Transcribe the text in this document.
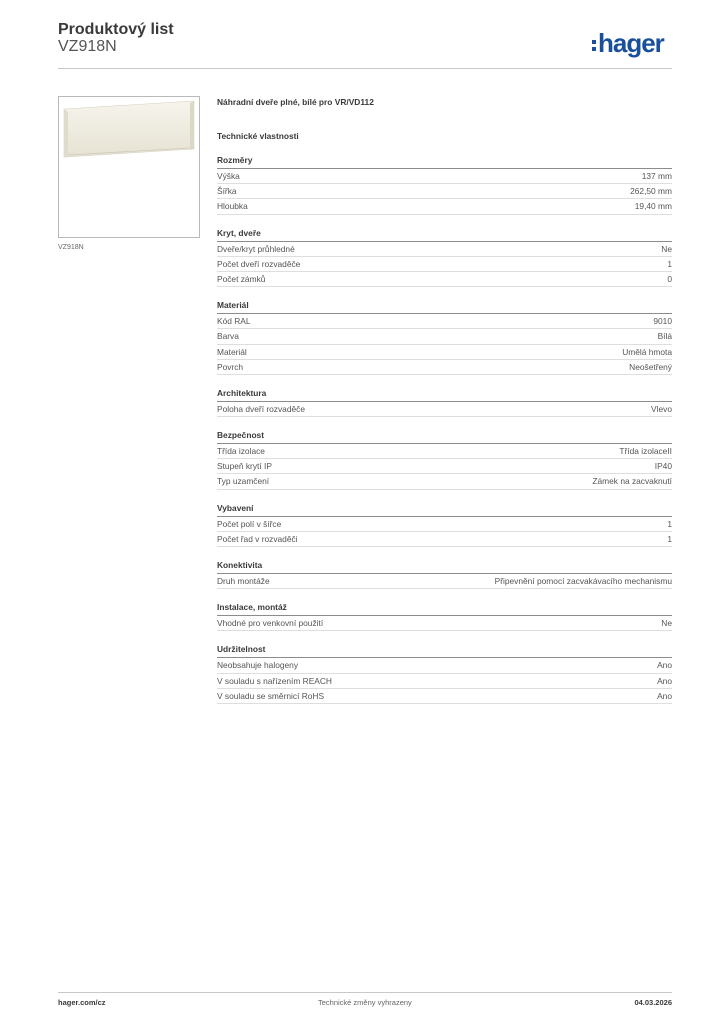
Produktový list
VZ918N	hager
VZ918N
Náhradní dveře plné, bílé pro VR/VD112
Technické vlastnosti
Rozměry
Výška	137 mm
Šířka	262,50 mm
Hloubka	19,40 mm
Kryt, dveře
Dveře/kryt průhledné	Ne
Počet dveří rozvaděče	1
Počet zámků	0
Materiál
Kód RAL	9010
Barva	Bílá
Materiál	Umělá hmota
Povrch	Neošetřený
Architektura
Poloha dveří rozvaděče	Vlevo
Bezpečnost
Třída izolace	Třída izolaceII
Stupeň krytí IP	IP40
Typ uzamčení	Zámek na zacvaknutí
Vybavení
Počet polí v šířce	1
Počet řad v rozvaděči	1
Konektivita
Druh montáže	Připevnění pomocí zacvakávacího mechanismu
Instalace, montáž
Vhodné pro venkovní použití	Ne
Udržitelnost
Neobsahuje halogeny	Ano
V souladu s nařízením REACH	Ano
V souladu se směrnicí RoHS	Ano
hager.com/cz	Technické změny vyhrazeny	04.03.2026
